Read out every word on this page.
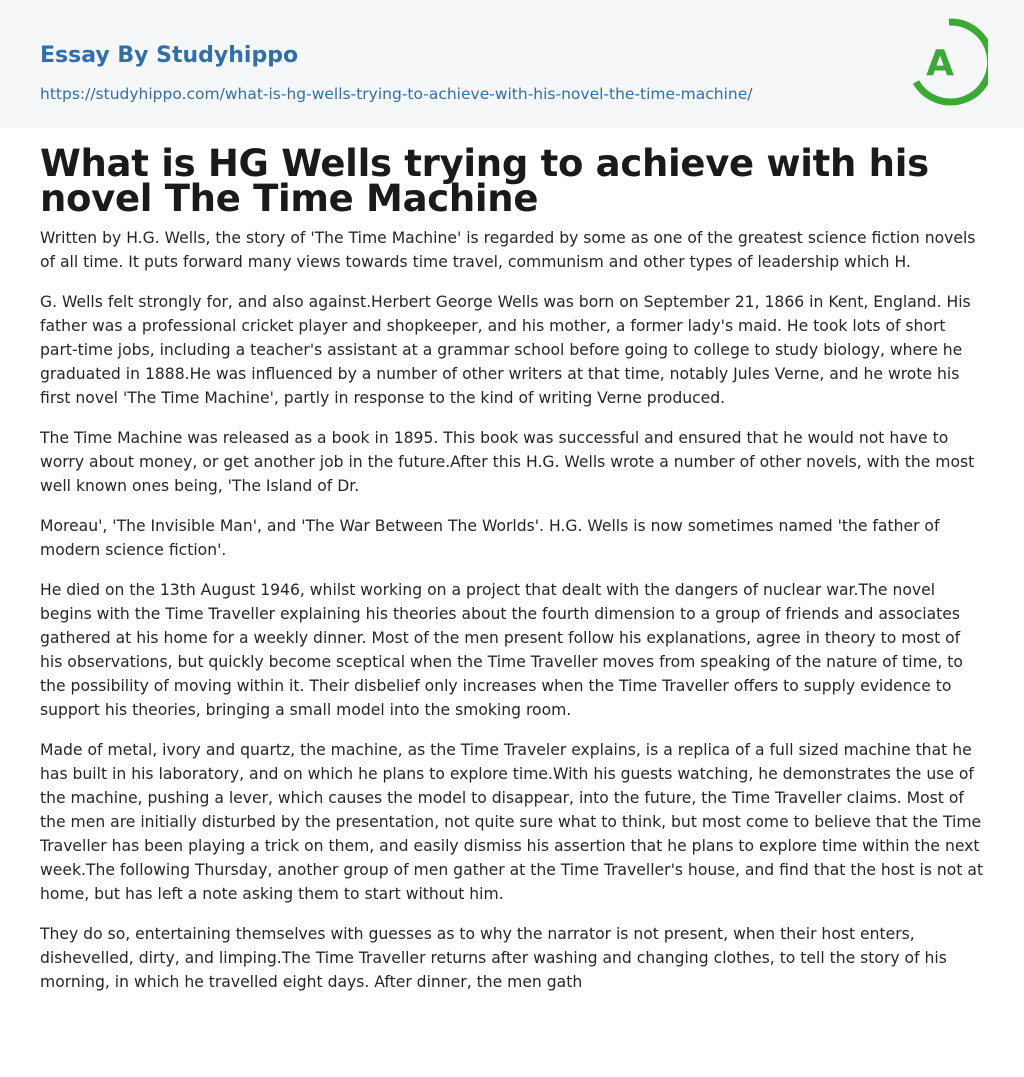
Essay By Studyhippo
https://studyhippo.com/what-is-hg-wells-trying-to-achieve-with-his-novel-the-time-machine/
A
What is HG Wells trying to achieve with his novel The Time Machine

Written by H.G. Wells, the story of 'The Time Machine' is regarded by some as one of the greatest science fiction novels of all time. It puts forward many views towards time travel, communism and other types of leadership which H.

G. Wells felt strongly for, and also against.Herbert George Wells was born on September 21, 1866 in Kent, England. His father was a professional cricket player and shopkeeper, and his mother, a former lady's maid. He took lots of short part-time jobs, including a teacher's assistant at a grammar school before going to college to study biology, where he graduated in 1888.He was influenced by a number of other writers at that time, notably Jules Verne, and he wrote his first novel 'The Time Machine', partly in response to the kind of writing Verne produced.

The Time Machine was released as a book in 1895. This book was successful and ensured that he would not have to worry about money, or get another job in the future.After this H.G. Wells wrote a number of other novels, with the most well known ones being, 'The Island of Dr.

Moreau', 'The Invisible Man', and 'The War Between The Worlds'. H.G. Wells is now sometimes named 'the father of modern science fiction'.

He died on the 13th August 1946, whilst working on a project that dealt with the dangers of nuclear war.The novel begins with the Time Traveller explaining his theories about the fourth dimension to a group of friends and associates gathered at his home for a weekly dinner. Most of the men present follow his explanations, agree in theory to most of his observations, but quickly become sceptical when the Time Traveller moves from speaking of the nature of time, to the possibility of moving within it. Their disbelief only increases when the Time Traveller offers to supply evidence to support his theories, bringing a small model into the smoking room.

Made of metal, ivory and quartz, the machine, as the Time Traveler explains, is a replica of a full sized machine that he has built in his laboratory, and on which he plans to explore time.With his guests watching, he demonstrates the use of the machine, pushing a lever, which causes the model to disappear, into the future, the Time Traveller claims. Most of the men are initially disturbed by the presentation, not quite sure what to think, but most come to believe that the Time Traveller has been playing a trick on them, and easily dismiss his assertion that he plans to explore time within the next week.The following Thursday, another group of men gather at the Time Traveller's house, and find that the host is not at home, but has left a note asking them to start without him.

They do so, entertaining themselves with guesses as to why the narrator is not present, when their host enters, dishevelled, dirty, and limping.The Time Traveller returns after washing and changing clothes, to tell the story of his morning, in which he travelled eight days. After dinner, the men gath
